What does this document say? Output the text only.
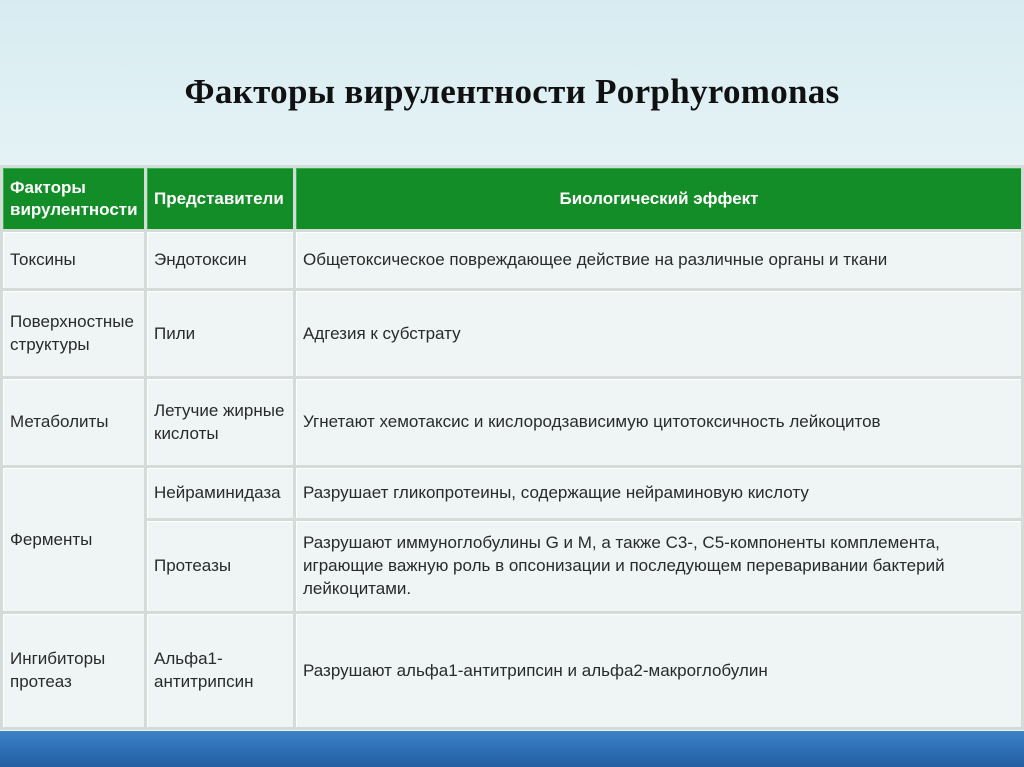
Факторы вирулентности Porphyromonas
Факторы вирулентности	Представители	Биологический эффект
Токсины	Эндотоксин	Общетоксическое повреждающее действие на различные органы и ткани
Поверхностные структуры	Пили	Адгезия к субстрату
Метаболиты	Летучие жирные кислоты	Угнетают хемотаксис и кислородзависимую цитотоксичность лейкоцитов
Ферменты	Нейраминидаза	Разрушает гликопротеины, содержащие нейраминовую кислоту
	Протеазы	Разрушают иммуноглобулины G и M, а также С3-, С5-компоненты комплемента, играющие важную роль в опсонизации и последующем переваривании бактерий лейкоцитами.
Ингибиторы протеаз	Альфа1-антитрипсин	Разрушают альфа1-антитрипсин и альфа2-макроглобулин
